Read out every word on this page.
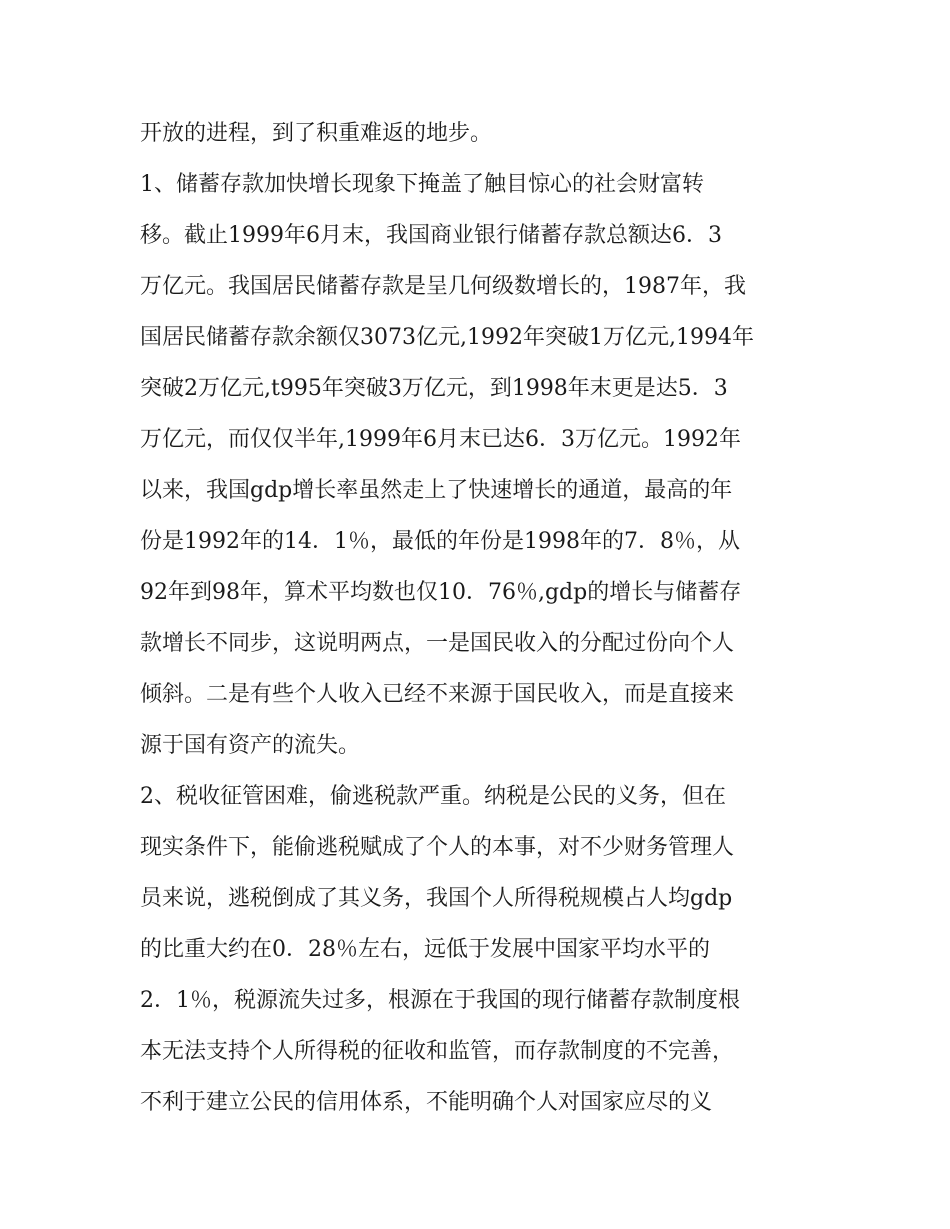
开放的进程，到了积重难返的地步。
1、储蓄存款加快增长现象下掩盖了触目惊心的社会财富转
移。截止1999年6月末，我国商业银行储蓄存款总额达6．3
万亿元。我国居民储蓄存款是呈几何级数增长的，1987年，我
国居民储蓄存款余额仅3073亿元,1992年突破1万亿元,1994年
突破2万亿元,t995年突破3万亿元，到1998年末更是达5．3
万亿元，而仅仅半年,1999年6月末已达6．3万亿元。1992年
以来，我国gdp增长率虽然走上了快速增长的通道，最高的年
份是1992年的14．1％，最低的年份是1998年的7．8％，从
92年到98年，算术平均数也仅10．76％,gdp的增长与储蓄存
款增长不同步，这说明两点，一是国民收入的分配过份向个人
倾斜。二是有些个人收入已经不来源于国民收入，而是直接来
源于国有资产的流失。
2、税收征管困难，偷逃税款严重。纳税是公民的义务，但在
现实条件下，能偷逃税赋成了个人的本事，对不少财务管理人
员来说，逃税倒成了其义务，我国个人所得税规模占人均gdp
的比重大约在0．28％左右，远低于发展中国家平均水平的
2．1％，税源流失过多，根源在于我国的现行储蓄存款制度根
本无法支持个人所得税的征收和监管，而存款制度的不完善，
不利于建立公民的信用体系，不能明确个人对国家应尽的义
